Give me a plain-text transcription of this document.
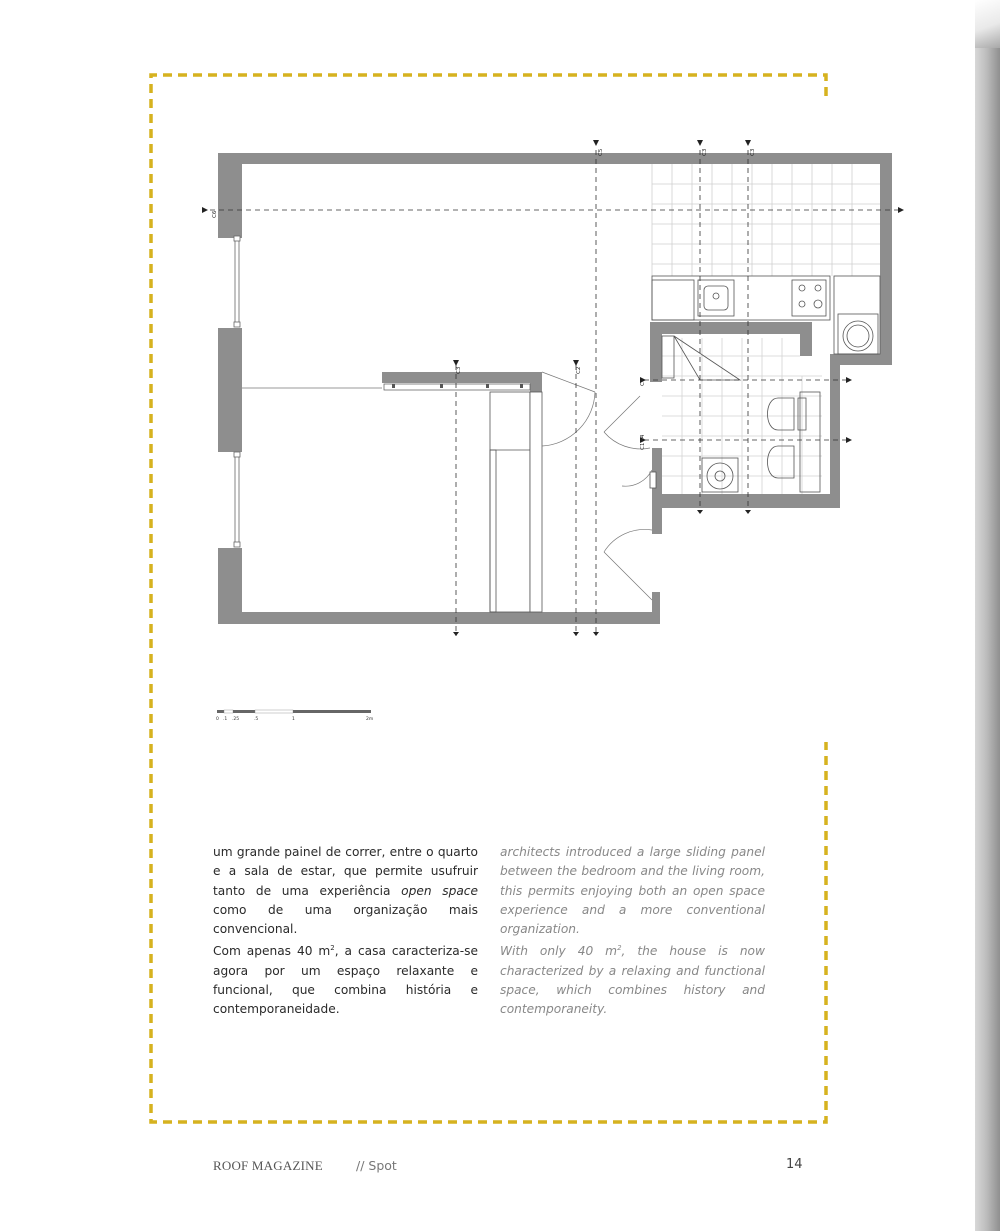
C5	C3	C3
C6
C3	C2
C7
C4
C1
0 .1 .25	.5	1	2m

um grande painel de correr, entre o quarto e a sala de estar, que permite usufruir tanto de uma experiência open space como de uma organização mais convencional.

Com apenas 40 $m^2$, a casa caracteriza-se agora por um espaço relaxante e funcional, que combina história e contemporaneidade.

architects introduced a large sliding panel between the bedroom and the living room, this permits enjoying both an open space experience and a more conventional organization.

With only 40 $m^2$, the house is now characterized by a relaxing and functional space, which combines history and contemporaneity.

ROOF MAGAZINE	// Spot	14
